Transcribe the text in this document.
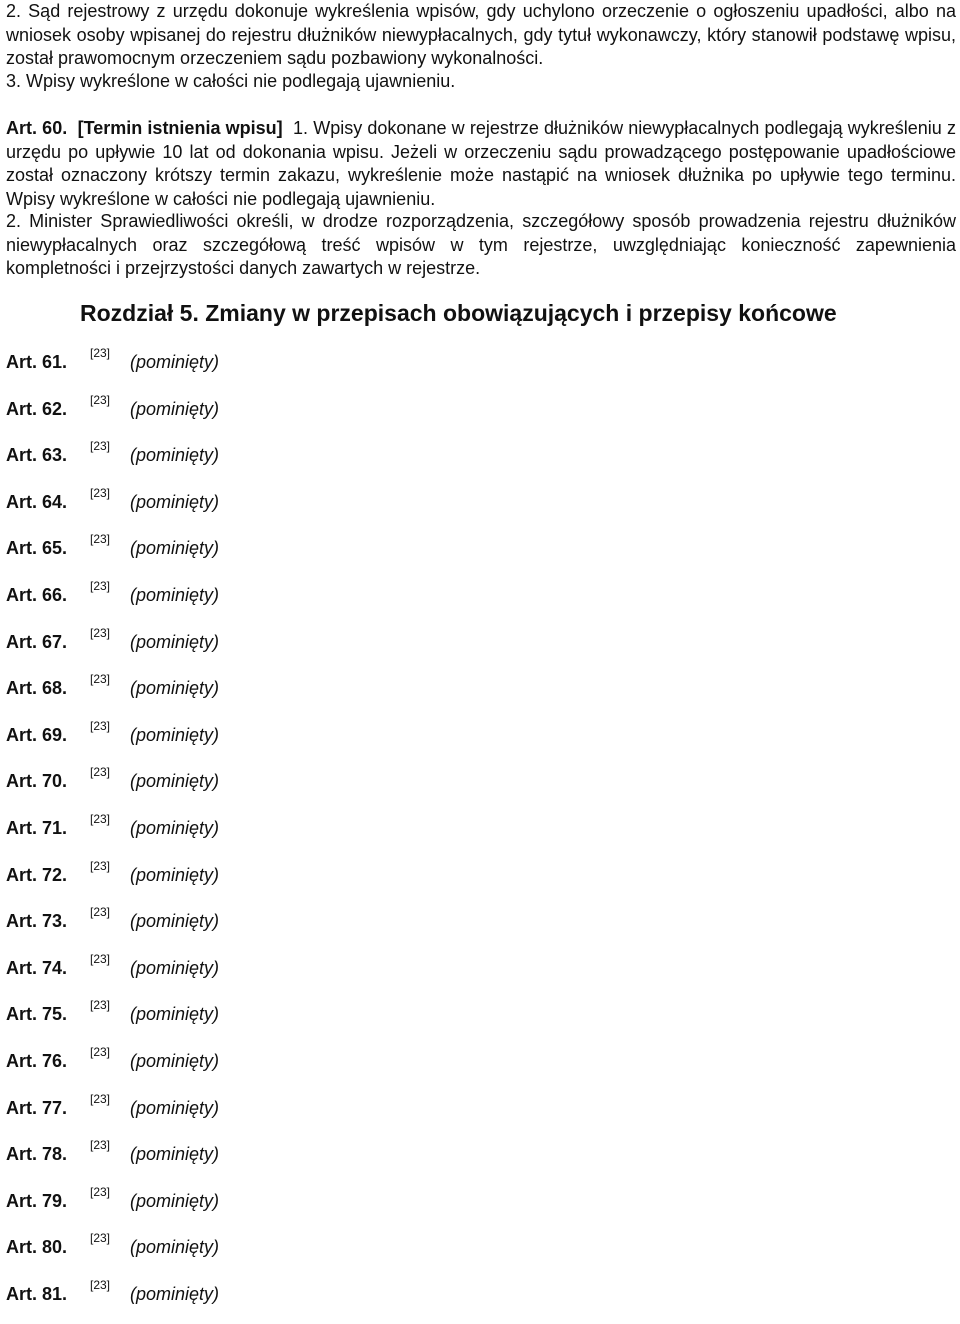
2. Sąd rejestrowy z urzędu dokonuje wykreślenia wpisów, gdy uchylono orzeczenie o ogłoszeniu upadłości, albo na wniosek osoby wpisanej do rejestru dłużników niewypłacalnych, gdy tytuł wykonawczy, który stanowił podstawę wpisu, został prawomocnym orzeczeniem sądu pozbawiony wykonalności.

3. Wpisy wykreślone w całości nie podlegają ujawnieniu.

Art. 60. [Termin istnienia wpisu] 1. Wpisy dokonane w rejestrze dłużników niewypłacalnych podlegają wykreśleniu z urzędu po upływie 10 lat od dokonania wpisu. Jeżeli w orzeczeniu sądu prowadzącego postępowanie upadłościowe został oznaczony krótszy termin zakazu, wykreślenie może nastąpić na wniosek dłużnika po upływie tego terminu. Wpisy wykreślone w całości nie podlegają ujawnieniu.

2. Minister Sprawiedliwości określi, w drodze rozporządzenia, szczegółowy sposób prowadzenia rejestru dłużników niewypłacalnych oraz szczegółową treść wpisów w tym rejestrze, uwzględniając konieczność zapewnienia kompletności i przejrzystości danych zawartych w rejestrze.

Rozdział 5. Zmiany w przepisach obowiązujących i przepisy końcowe
Art. 61. [23] (pominięty)
Art. 62. [23] (pominięty)
Art. 63. [23] (pominięty)
Art. 64. [23] (pominięty)
Art. 65. [23] (pominięty)
Art. 66. [23] (pominięty)
Art. 67. [23] (pominięty)
Art. 68. [23] (pominięty)
Art. 69. [23] (pominięty)
Art. 70. [23] (pominięty)
Art. 71. [23] (pominięty)
Art. 72. [23] (pominięty)
Art. 73. [23] (pominięty)
Art. 74. [23] (pominięty)
Art. 75. [23] (pominięty)
Art. 76. [23] (pominięty)
Art. 77. [23] (pominięty)
Art. 78. [23] (pominięty)
Art. 79. [23] (pominięty)
Art. 80. [23] (pominięty)
Art. 81. [23] (pominięty)
